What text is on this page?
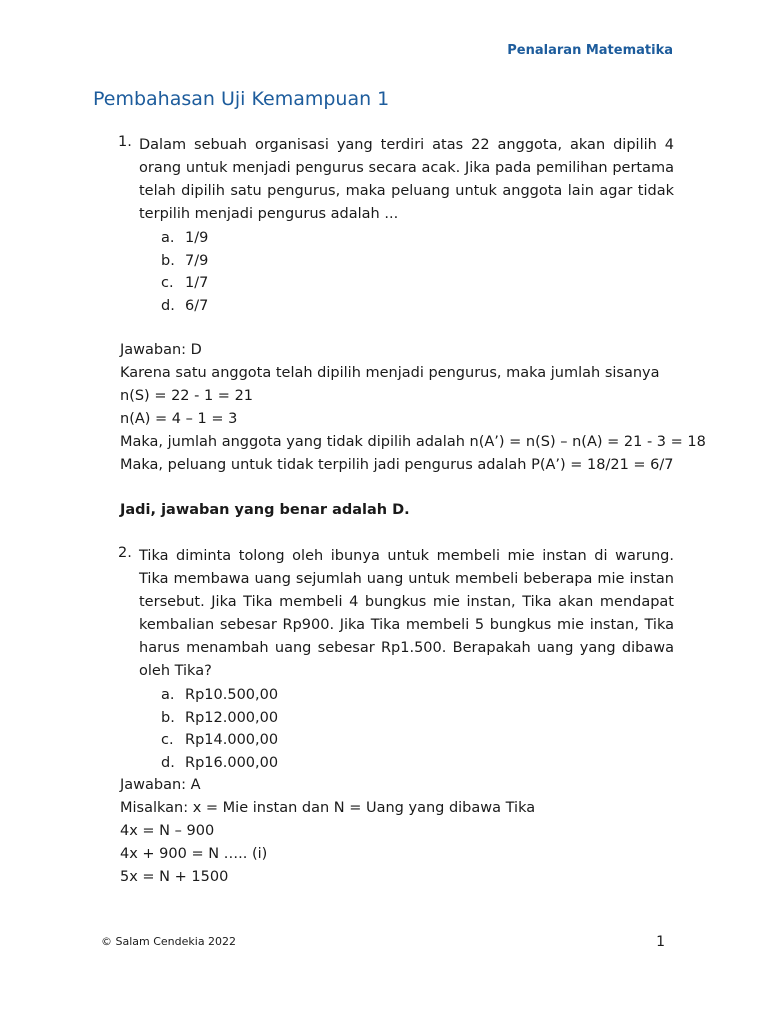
Penalaran Matematika
Pembahasan Uji Kemampuan 1
1. Dalam sebuah organisasi yang terdiri atas 22 anggota, akan dipilih 4 orang untuk menjadi pengurus secara acak. Jika pada pemilihan pertama telah dipilih satu pengurus, maka peluang untuk anggota lain agar tidak terpilih menjadi pengurus adalah ...
a. 1/9
b. 7/9
c. 1/7
d. 6/7
Jawaban: D
Karena satu anggota telah dipilih menjadi pengurus, maka jumlah sisanya
n(S) = 22 - 1 = 21
n(A) = 4 – 1 = 3
Maka, jumlah anggota yang tidak dipilih adalah n(A’) = n(S) – n(A) = 21 - 3 = 18
Maka, peluang untuk tidak terpilih jadi pengurus adalah P(A’) = 18/21 = 6/7
Jadi, jawaban yang benar adalah D.
2. Tika diminta tolong oleh ibunya untuk membeli mie instan di warung. Tika membawa uang sejumlah uang untuk membeli beberapa mie instan tersebut. Jika Tika membeli 4 bungkus mie instan, Tika akan mendapat kembalian sebesar Rp900. Jika Tika membeli 5 bungkus mie instan, Tika harus menambah uang sebesar Rp1.500. Berapakah uang yang dibawa oleh Tika?
a. Rp10.500,00
b. Rp12.000,00
c. Rp14.000,00
d. Rp16.000,00
Jawaban: A
Misalkan: x = Mie instan dan N = Uang yang dibawa Tika
4x = N – 900
4x + 900 = N ….. (i)
5x = N + 1500
© Salam Cendekia 2022	1
